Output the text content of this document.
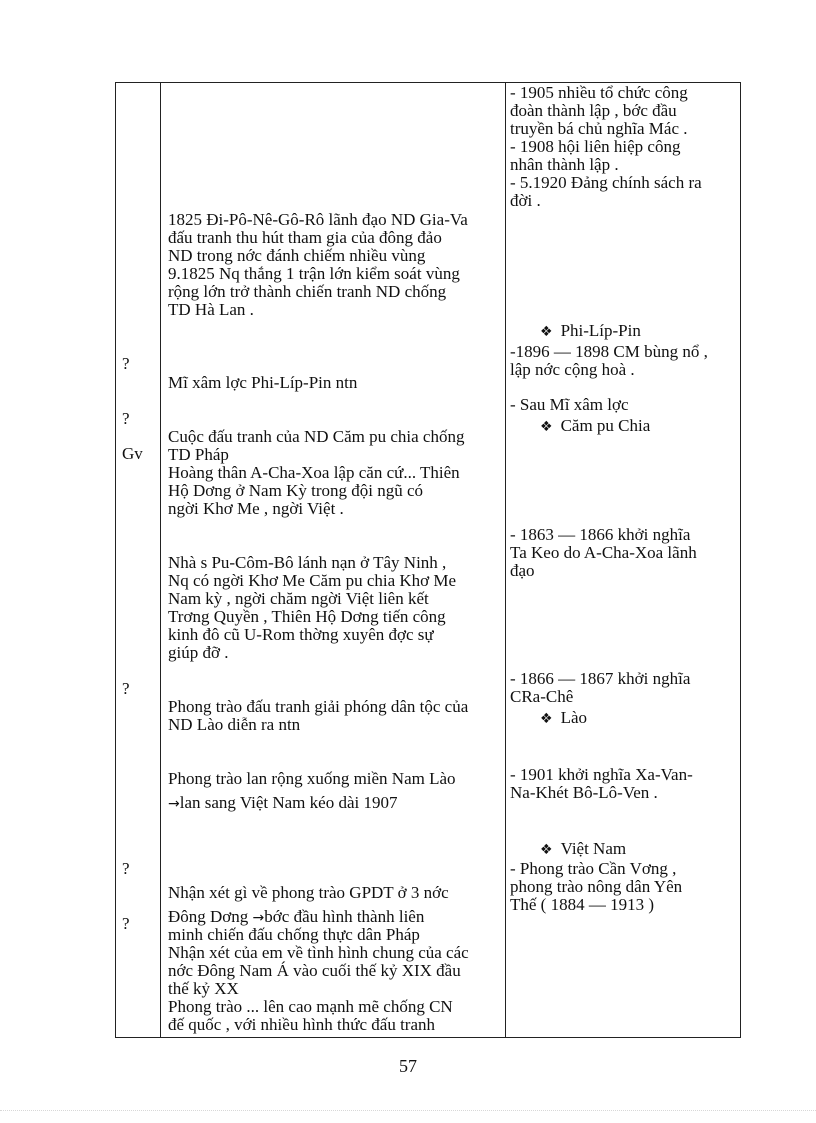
?
?
Gv
?
?
?
1825 Đi-Pô-Nê-Gô-Rô lãnh đạo ND Gia-Va
đấu tranh thu hút tham gia của đông đảo
ND trong nớc đánh chiếm nhiều vùng
9.1825 Nq thắng 1 trận lớn kiểm soát vùng
rộng lớn trở thành chiến tranh ND chống
TD Hà Lan .
Mĩ xâm lợc Phi-Líp-Pin ntn
Cuộc đấu tranh của ND Căm pu chia chống
TD Pháp
Hoàng thân A-Cha-Xoa lập căn cứ... Thiên
Hộ Dơng ở Nam Kỳ trong đội ngũ có
ngời Khơ Me , ngời Việt .
Nhà s Pu-Côm-Bô lánh nạn ở Tây Ninh ,
Nq có ngời Khơ Me Căm pu chia Khơ Me
Nam kỳ , ngời chăm ngời Việt liên kết
Trơng Quyền , Thiên Hộ Dơng tiến công
kinh đô cũ U-Rom thờng xuyên đợc sự
giúp đỡ .
Phong trào đấu tranh giải phóng dân tộc của
ND Lào diễn ra ntn
Phong trào lan rộng xuống miền Nam Lào
→lan sang Việt Nam kéo dài 1907
Nhận xét gì về phong trào GPDT ở 3 nớc
Đông Dơng →bớc đầu hình thành liên
minh chiến đấu chống thực dân Pháp
Nhận xét của em về tình hình chung của các
nớc Đông Nam Á vào cuối thế kỷ XIX đầu
thế kỷ XX
Phong trào ... lên cao mạnh mẽ chống CN
đế quốc , với nhiều hình thức đấu tranh
- 1905 nhiều tổ chức công
đoàn thành lập , bớc đầu
truyền bá chủ nghĩa Mác .
- 1908 hội liên hiệp công
nhân thành lập .
- 5.1920 Đảng chính sách ra
đời .
❖ Phi-Líp-Pin
-1896 — 1898 CM bùng nổ ,
lập nớc cộng hoà .
- Sau Mĩ xâm lợc
❖ Căm pu Chia
- 1863 — 1866 khởi nghĩa
Ta Keo do A-Cha-Xoa lãnh
đạo
- 1866 — 1867 khởi nghĩa
CRa-Chê
❖ Lào
- 1901 khởi nghĩa Xa-Van-
Na-Khét Bô-Lô-Ven .
❖ Việt Nam
- Phong trào Cần Vơng ,
phong trào nông dân Yên
Thế ( 1884 — 1913 )
57
